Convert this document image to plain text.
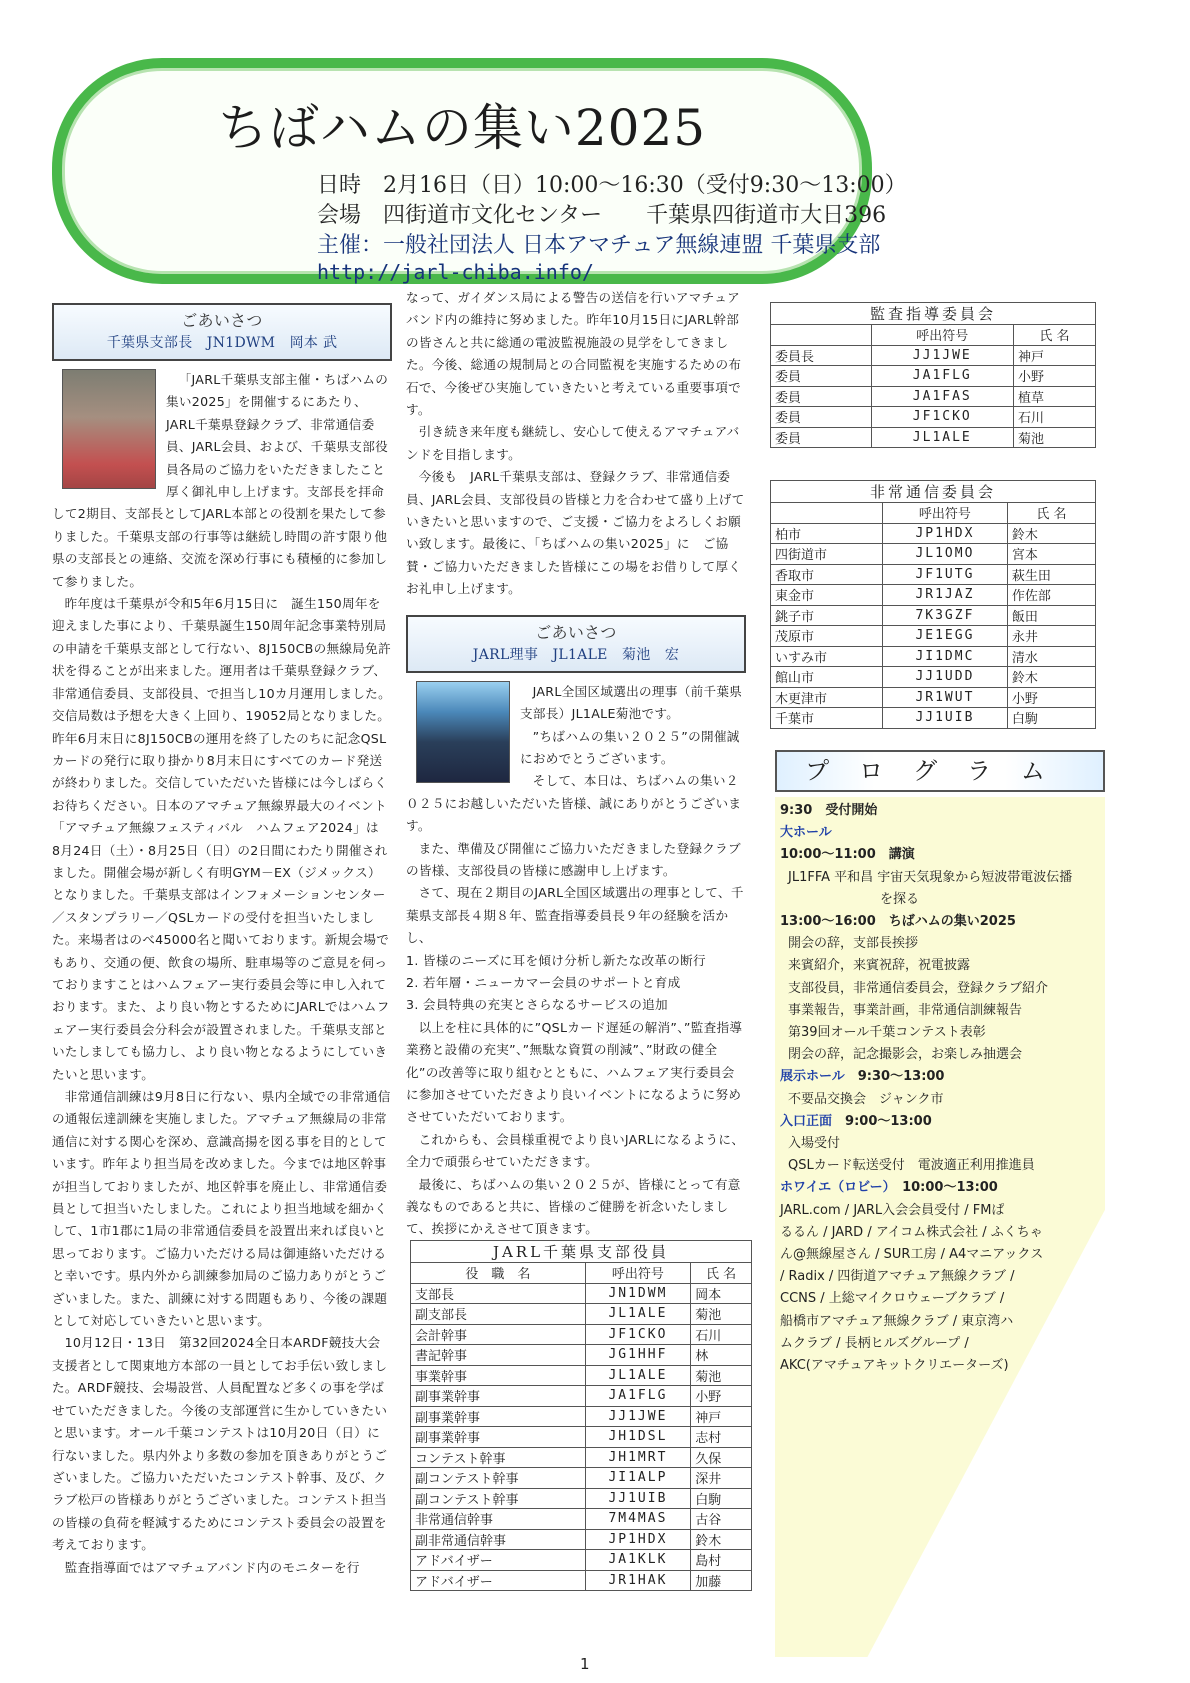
ちばハムの集い2025
日時　2月16日（日）10:00〜16:30（受付9:30〜13:00）
会場　四街道市文化センター　　千葉県四街道市大日396
主催：一般社団法人 日本アマチュア無線連盟 千葉県支部
http://jarl-chiba.info/
ごあいさつ
千葉県支部長　JN1DWM　岡本 武

「JARL千葉県支部主催・ちばハムの集い2025」を開催するにあたり、JARL千葉県登録クラブ、非常通信委員、JARL会員、および、千葉県支部役員各局のご協力をいただきましたこと厚く御礼申し上げます。支部長を拝命して2期目、支部長としてJARL本部との役割を果たして参りました。千葉県支部の行事等は継続し時間の許す限り他県の支部長との連絡、交流を深め行事にも積極的に参加して参りました。

昨年度は千葉県が令和5年6月15日に　誕生150周年を迎えました事により、千葉県誕生150周年記念事業特別局の申請を千葉県支部として行ない、8J150CBの無線局免許状を得ることが出来ました。運用者は千葉県登録クラブ、非常通信委員、支部役員、で担当し10カ月運用しました。交信局数は予想を大きく上回り、19052局となりました。昨年6月末日に8J150CBの運用を終了したのちに記念QSLカードの発行に取り掛かり8月末日にすべてのカード発送が終わりました。交信していただいた皆様には今しばらくお待ちください。日本のアマチュア無線界最大のイベント「アマチュア無線フェスティバル　ハムフェア2024」は　8月24日（土）・8月25日（日）の2日間にわたり開催されました。開催会場が新しく有明GYM－EX（ジメックス）となりました。千葉県支部はインフォメーションセンター／スタンプラリー／QSLカードの受付を担当いたしました。来場者はのべ45000名と聞いております。新規会場でもあり、交通の便、飲食の場所、駐車場等のご意見を伺っておりますことはハムフェアー実行委員会等に申し入れております。また、より良い物とするためにJARLではハムフェアー実行委員会分科会が設置されました。千葉県支部といたしましても協力し、より良い物となるようにしていきたいと思います。

非常通信訓練は9月8日に行ない、県内全域での非常通信の通報伝達訓練を実施しました。アマチュア無線局の非常通信に対する関心を深め、意識高揚を図る事を目的としています。昨年より担当局を改めました。今までは地区幹事が担当しておりましたが、地区幹事を廃止し、非常通信委員として担当いたしました。これにより担当地域を細かくして、1市1郡に1局の非常通信委員を設置出来れば良いと思っております。ご協力いただける局は御連絡いただけると幸いです。県内外から訓練参加局のご協力ありがとうございました。また、訓練に対する問題もあり、今後の課題として対応していきたいと思います。

10月12日・13日　第32回2024全日本ARDF競技大会支援者として関東地方本部の一員としてお手伝い致しました。ARDF競技、会場設営、人員配置など多くの事を学ばせていただきました。今後の支部運営に生かしていきたいと思います。オール千葉コンテストは10月20日（日）に行ないました。県内外より多数の参加を頂きありがとうございました。ご協力いただいたコンテスト幹事、及び、クラブ松戸の皆様ありがとうございました。コンテスト担当の皆様の負荷を軽減するためにコンテスト委員会の設置を考えております。

監査指導面ではアマチュアバンド内のモニターを行

なって、ガイダンス局による警告の送信を行いアマチュアバンド内の維持に努めました。昨年10月15日にJARL幹部の皆さんと共に総通の電波監視施設の見学をしてきました。今後、総通の規制局との合同監視を実施するための布石で、今後ぜひ実施していきたいと考えている重要事項です。

引き続き来年度も継続し、安心して使えるアマチュアバンドを目指します。

今後も　JARL千葉県支部は、登録クラブ、非常通信委員、JARL会員、支部役員の皆様と力を合わせて盛り上げていきたいと思いますので、ご支援・ご協力をよろしくお願い致します。最後に、「ちばハムの集い2025」に　ご協賛・ご協力いただきました皆様にこの場をお借りして厚くお礼申し上げます。

ごあいさつ
JARL理事　JL1ALE　菊池　宏

JARL全国区域選出の理事（前千葉県支部長）JL1ALE菊池です。

”ちばハムの集い２０２５”の開催誠におめでとうございます。

そして、本日は、ちばハムの集い２０２５にお越しいただいた皆様、誠にありがとうございます。

また、準備及び開催にご協力いただきました登録クラブの皆様、支部役員の皆様に感謝申し上げます。

さて、現在２期目のJARL全国区域選出の理事として、千葉県支部長４期８年、監査指導委員長９年の経験を活かし、

1. 皆様のニーズに耳を傾け分析し新たな改革の断行

2. 若年層・ニューカマー会員のサポートと育成

3. 会員特典の充実とさらなるサービスの追加

以上を柱に具体的に”QSLカード遅延の解消”、”監査指導業務と設備の充実”、”無駄な資質の削減”、”財政の健全化”の改善等に取り組むとともに、ハムフェア実行委員会に参加させていただきより良いイベントになるように努めさせていただいております。

これからも、会員様重視でより良いJARLになるように、全力で頑張らせていただきます。

最後に、ちばハムの集い２０２５が、皆様にとって有意義なものであると共に、皆様のご健勝を祈念いたしまして、挨拶にかえさせて頂きます。

JARL千葉県支部役員		
役　職　名	呼出符号	氏 名
支部長	JN1DWM	岡本
副支部長	JL1ALE	菊池
会計幹事	JF1CKO	石川
書記幹事	JG1HHF	林
事業幹事	JL1ALE	菊池
副事業幹事	JA1FLG	小野
副事業幹事	JJ1JWE	神戸
副事業幹事	JH1DSL	志村
コンテスト幹事	JH1MRT	久保
副コンテスト幹事	JI1ALP	深井
副コンテスト幹事	JJ1UIB	白駒
非常通信幹事	7M4MAS	古谷
副非常通信幹事	JP1HDX	鈴木
アドバイザー	JA1KLK	島村
アドバイザー	JR1HAK	加藤
監査指導委員会		
	呼出符号	氏 名
委員長	JJ1JWE	神戸
委員	JA1FLG	小野
委員	JA1FAS	植草
委員	JF1CKO	石川
委員	JL1ALE	菊池
非常通信委員会		
	呼出符号	氏 名
柏市	JP1HDX	鈴木
四街道市	JL1OMO	宮本
香取市	JF1UTG	萩生田
東金市	JR1JAZ	作佐部
銚子市	7K3GZF	飯田
茂原市	JE1EGG	永井
いすみ市	JI1DMC	清水
館山市	JJ1UDD	鈴木
木更津市	JR1WUT	小野
千葉市	JJ1UIB	白駒
プログラム
9:30　受付開始
大ホール
10:00〜11:00　講演
JL1FFA 平和昌 宇宙天気現象から短波帯電波伝播
を探る
13:00〜16:00　ちばハムの集い2025
開会の辞，支部長挨拶
来賓紹介，来賓祝辞，祝電披露
支部役員，非常通信委員会，登録クラブ紹介
事業報告，事業計画，非常通信訓練報告
第39回オール千葉コンテスト表彰
閉会の辞，記念撮影会，お楽しみ抽選会
展示ホール　 9:30〜13:00
不要品交換会　ジャンク市
入口正面　 9:00〜13:00
入場受付
QSLカード転送受付　電波適正利用推進員
ホワイエ（ロビー）　 10:00〜13:00
JARL.com / JARL入会会員受付 / FMぱ
るるん / JARD / アイコム株式会社 / ふくちゃ
ん@無線屋さん / SUR工房 / A4マニアックス
/ Radix / 四街道アマチュア無線クラブ /
CCNS / 上総マイクロウェーブクラブ /
船橋市アマチュア無線クラブ / 東京湾ハ
ムクラブ / 長柄ヒルズグループ /
AKC(アマチュアキットクリエーターズ)
1
